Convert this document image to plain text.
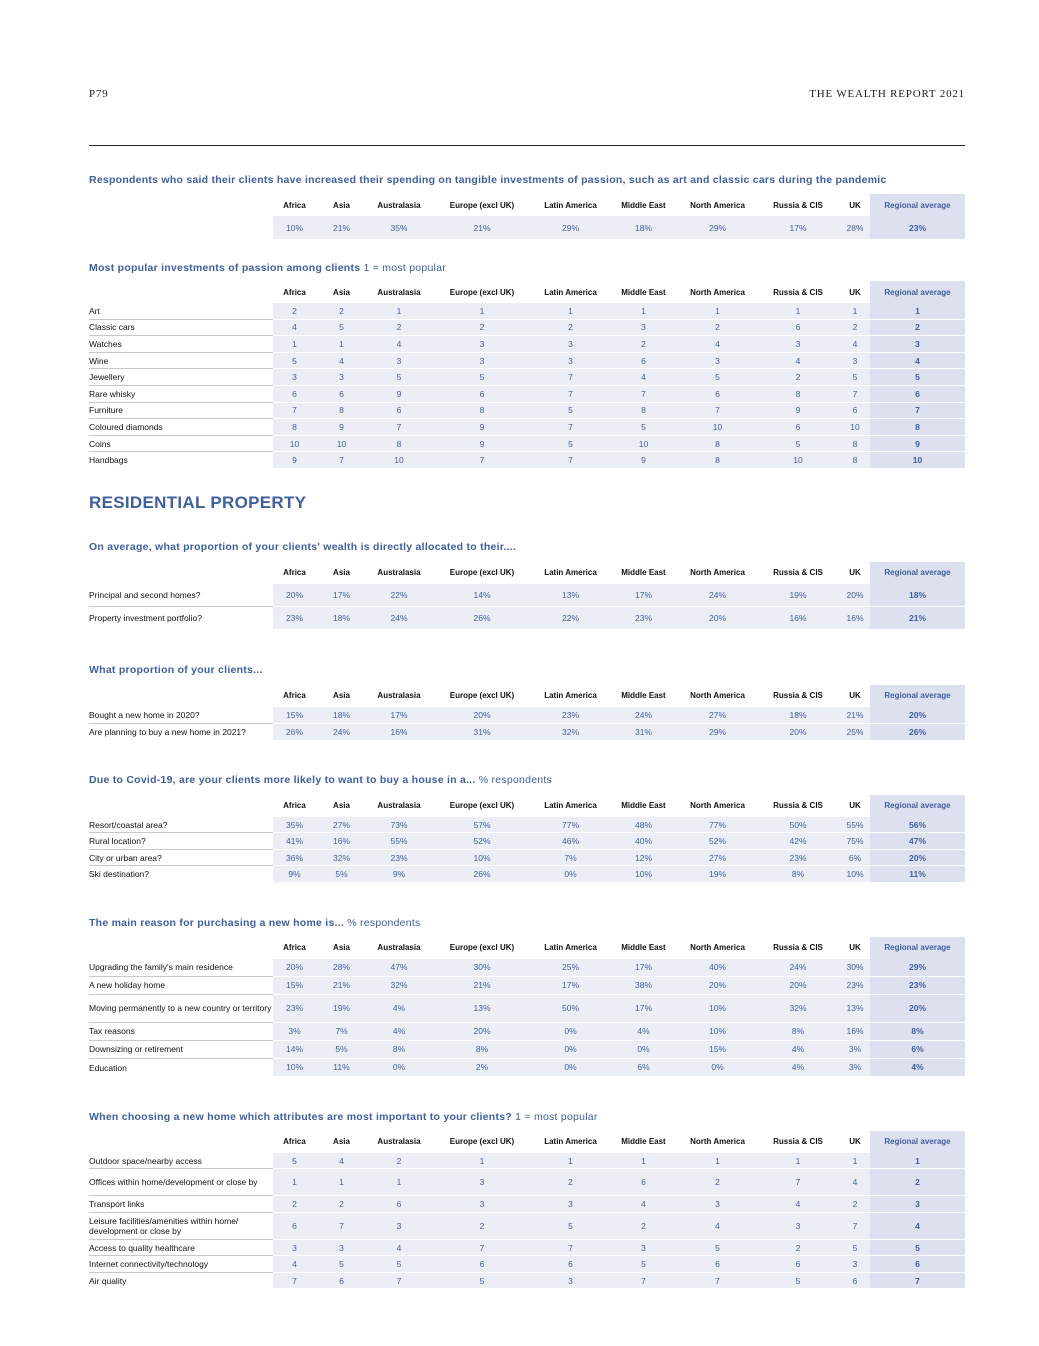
P79	THE WEALTH REPORT 2021
Respondents who said their clients have increased their spending on tangible investments of passion, such as art and classic cars during the pandemic
	Africa	Asia	Australasia	Europe (excl UK)	Latin America	Middle East	North America	Russia & CIS	UK	Regional average
	10%	21%	35%	21%	29%	18%	29%	17%	28%	23%
Most popular investments of passion among clients 1 = most popular
	Africa	Asia	Australasia	Europe (excl UK)	Latin America	Middle East	North America	Russia & CIS	UK	Regional average
Art	2	2	1	1	1	1	1	1	1	1
Classic cars	4	5	2	2	2	3	2	6	2	2
Watches	1	1	4	3	3	2	4	3	4	3
Wine	5	4	3	3	3	6	3	4	3	4
Jewellery	3	3	5	5	7	4	5	2	5	5
Rare whisky	6	6	9	6	7	7	6	8	7	6
Furniture	7	8	6	8	5	8	7	9	6	7
Coloured diamonds	8	9	7	9	7	5	10	6	10	8
Coins	10	10	8	9	5	10	8	5	8	9
Handbags	9	7	10	7	7	9	8	10	8	10
RESIDENTIAL PROPERTY
On average, what proportion of your clients' wealth is directly allocated to their....
	Africa	Asia	Australasia	Europe (excl UK)	Latin America	Middle East	North America	Russia & CIS	UK	Regional average
Principal and second homes?	20%	17%	22%	14%	13%	17%	24%	19%	20%	18%
Property investment portfolio?	23%	18%	24%	26%	22%	23%	20%	16%	16%	21%
What proportion of your clients...
	Africa	Asia	Australasia	Europe (excl UK)	Latin America	Middle East	North America	Russia & CIS	UK	Regional average
Bought a new home in 2020?	15%	18%	17%	20%	23%	24%	27%	18%	21%	20%
Are planning to buy a new home in 2021?	26%	24%	16%	31%	32%	31%	29%	20%	25%	26%
Due to Covid-19, are your clients more likely to want to buy a house in a... % respondents
	Africa	Asia	Australasia	Europe (excl UK)	Latin America	Middle East	North America	Russia & CIS	UK	Regional average
Resort/coastal area?	35%	27%	73%	57%	77%	48%	77%	50%	55%	56%
Rural location?	41%	16%	55%	52%	46%	40%	52%	42%	75%	47%
City or urban area?	36%	32%	23%	10%	7%	12%	27%	23%	6%	20%
Ski destination?	9%	5%	9%	26%	0%	10%	19%	8%	10%	11%
The main reason for purchasing a new home is... % respondents
	Africa	Asia	Australasia	Europe (excl UK)	Latin America	Middle East	North America	Russia & CIS	UK	Regional average
Upgrading the family's main residence	20%	28%	47%	30%	25%	17%	40%	24%	30%	29%
A new holiday home	15%	21%	32%	21%	17%	38%	20%	20%	23%	23%
Moving permanently to a new country or territory	23%	19%	4%	13%	50%	17%	10%	32%	13%	20%
Tax reasons	3%	7%	4%	20%	0%	4%	10%	8%	16%	8%
Downsizing or retirement	14%	5%	8%	8%	0%	0%	15%	4%	3%	6%
Education	10%	11%	0%	2%	0%	6%	0%	4%	3%	4%
When choosing a new home which attributes are most important to your clients? 1 = most popular
	Africa	Asia	Australasia	Europe (excl UK)	Latin America	Middle East	North America	Russia & CIS	UK	Regional average
Outdoor space/nearby access	5	4	2	1	1	1	1	1	1	1
Offices within home/development or close by	1	1	1	3	2	6	2	7	4	2
Transport links	2	2	6	3	3	4	3	4	2	3
Leisure facilities/amenities within home/ development or close by	6	7	3	2	5	2	4	3	7	4
Access to quality healthcare	3	3	4	7	7	3	5	2	5	5
Internet connectivity/technology	4	5	5	6	6	5	6	6	3	6
Air quality	7	6	7	5	3	7	7	5	6	7
